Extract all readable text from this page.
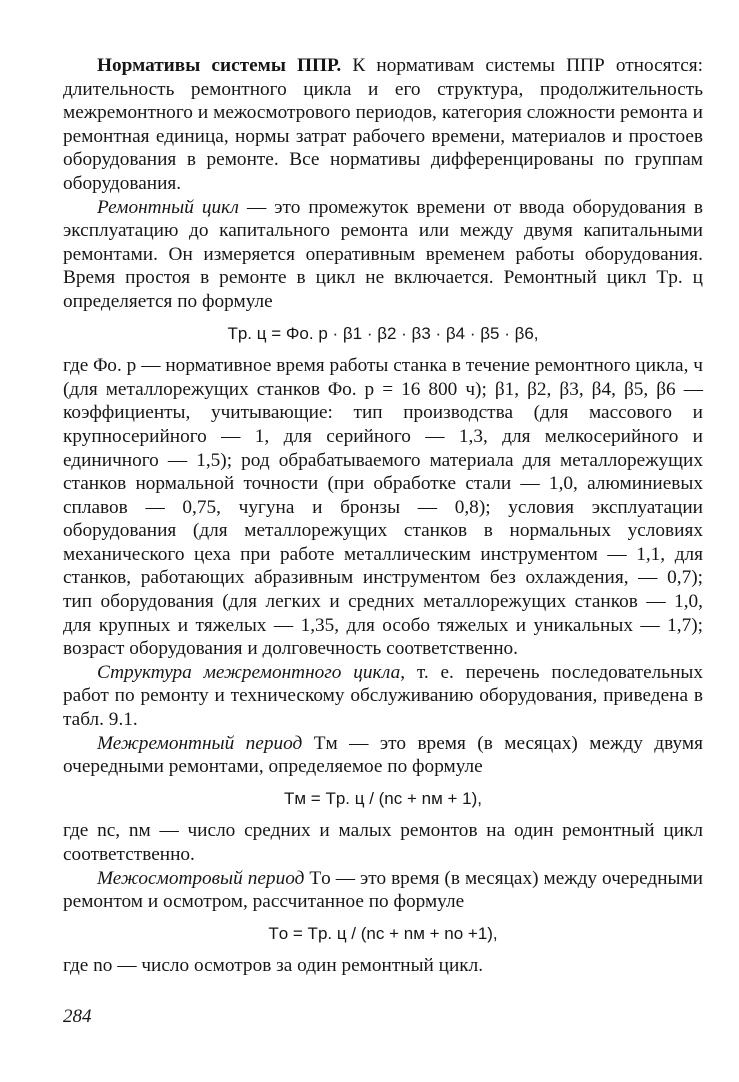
Нормативы системы ППР. К нормативам системы ППР относятся: длительность ремонтного цикла и его структура, продолжительность межремонтного и межосмотрового периодов, категория сложности ремонта и ремонтная единица, нормы затрат рабочего времени, материалов и простоев оборудования в ремонте. Все нормативы дифференцированы по группам оборудования.

Ремонтный цикл — это промежуток времени от ввода оборудования в эксплуатацию до капитального ремонта или между двумя капитальными ремонтами. Он измеряется оперативным временем работы оборудования. Время простоя в ремонте в цикл не включается. Ремонтный цикл Tр. ц определяется по формуле

Tр. ц = Φо. р · β1 · β2 · β3 · β4 · β5 · β6,

где Φо. р — нормативное время работы станка в течение ремонтного цикла, ч (для металлорежущих станков Φо. р = 16 800 ч); β1, β2, β3, β4, β5, β6 — коэффициенты, учитывающие: тип производства (для массового и крупносерийного — 1, для серийного — 1,3, для мелкосерийного и единичного — 1,5); род обрабатываемого материала для металлорежущих станков нормальной точности (при обработке стали — 1,0, алюминиевых сплавов — 0,75, чугуна и бронзы — 0,8); условия эксплуатации оборудования (для металлорежущих станков в нормальных условиях механического цеха при работе металлическим инструментом — 1,1, для станков, работающих абразивным инструментом без охлаждения, — 0,7); тип оборудования (для легких и средних металлорежущих станков — 1,0, для крупных и тяжелых — 1,35, для особо тяжелых и уникальных — 1,7); возраст оборудования и долговечность соответственно.

Структура межремонтного цикла, т. е. перечень последовательных работ по ремонту и техническому обслуживанию оборудования, приведена в табл. 9.1.

Межремонтный период Tм — это время (в месяцах) между двумя очередными ремонтами, определяемое по формуле

Tм = Tр. ц / (nс + nм + 1),

где nс, nм — число средних и малых ремонтов на один ремонтный цикл соответственно.

Межосмотровый период Tо — это время (в месяцах) между очередными ремонтом и осмотром, рассчитанное по формуле

Tо = Tр. ц / (nс + nм + nо +1),

где nо — число осмотров за один ремонтный цикл.

284
